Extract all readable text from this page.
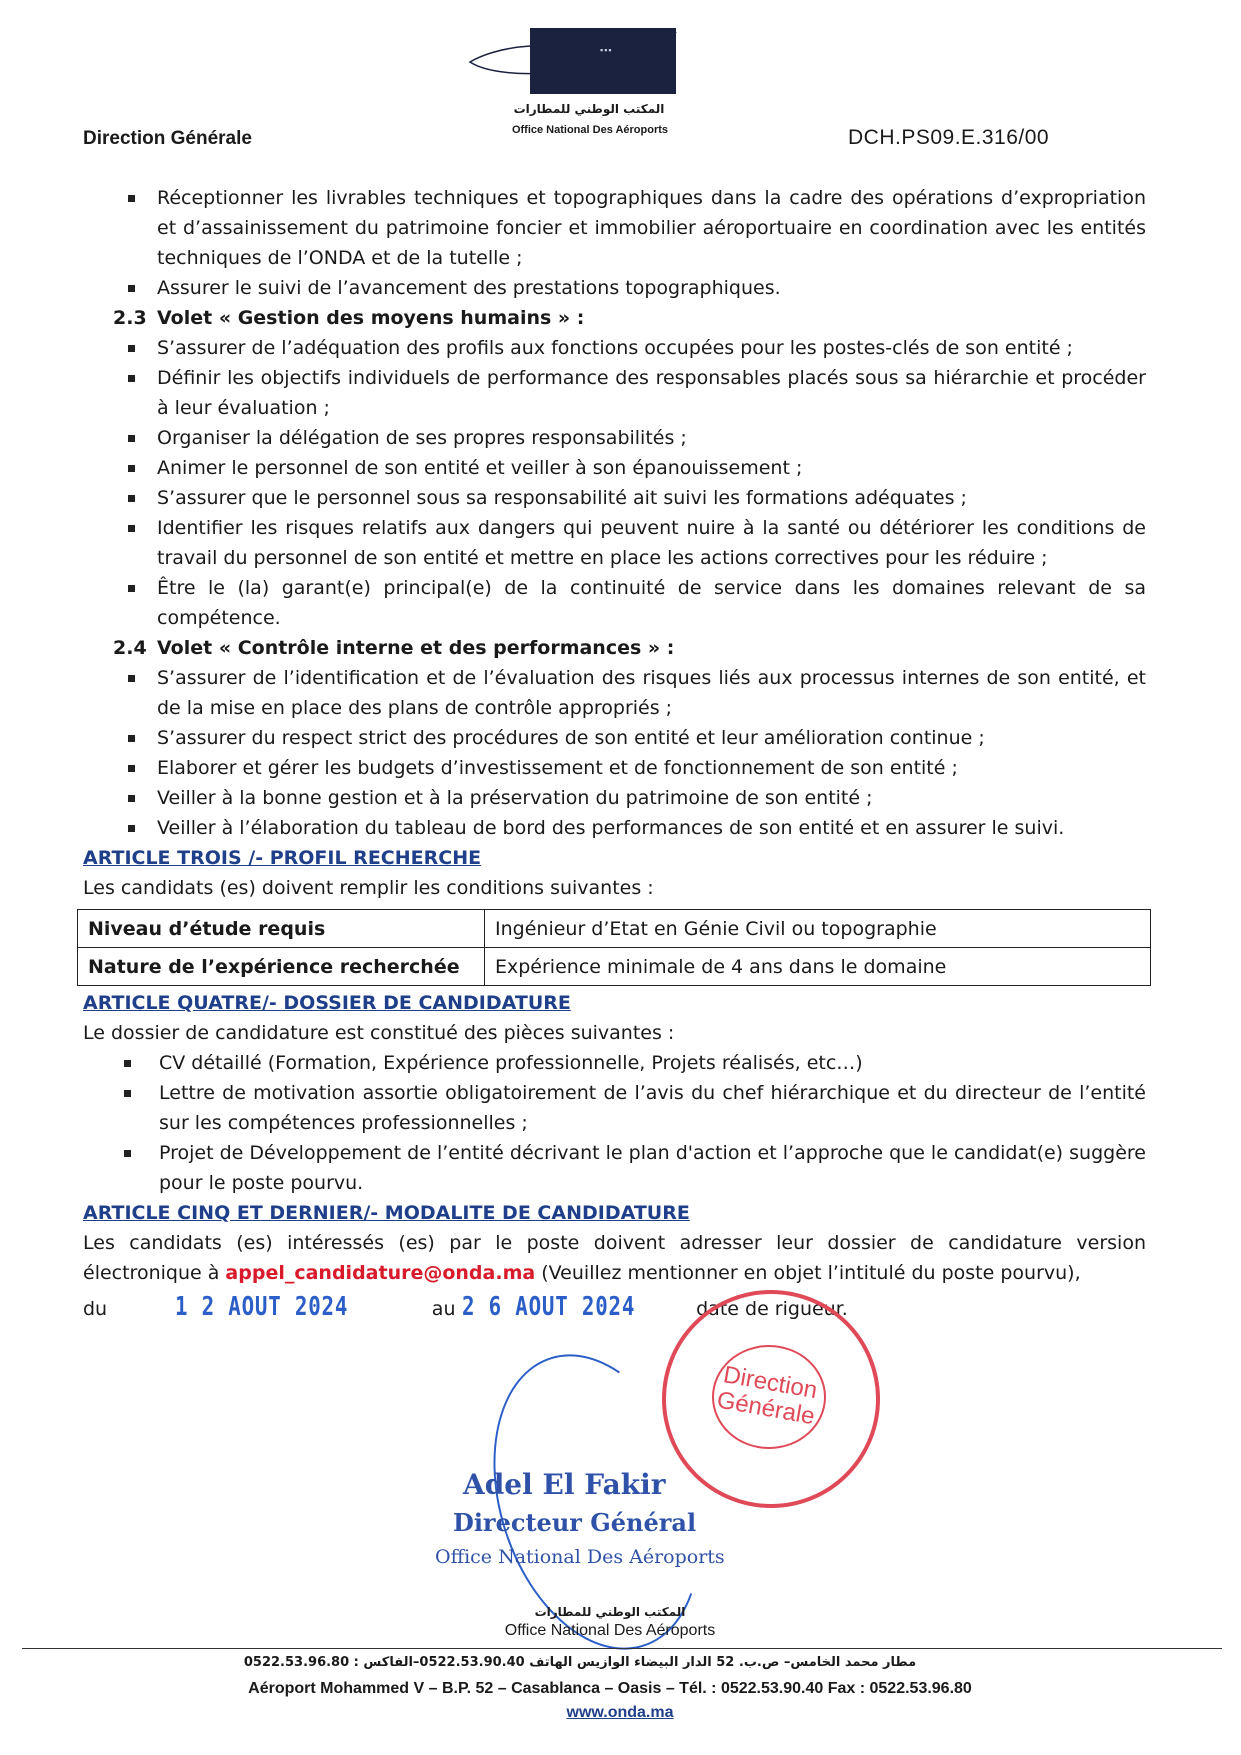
▪▪▪
المكتب الوطني للمطارات
Office National Des Aéroports
Direction Générale	DCH.PS09.E.316/00
Réceptionner les livrables techniques et topographiques dans la cadre des opérations d’expropriation et d’assainissement du patrimoine foncier et immobilier aéroportuaire en coordination avec les entités techniques de l’ONDA et de la tutelle ;
Assurer le suivi de l’avancement des prestations topographiques.
2.3 Volet « Gestion des moyens humains » :
S’assurer de l’adéquation des profils aux fonctions occupées pour les postes-clés de son entité ;
Définir les objectifs individuels de performance des responsables placés sous sa hiérarchie et procéder à leur évaluation ;
Organiser la délégation de ses propres responsabilités ;
Animer le personnel de son entité et veiller à son épanouissement ;
S’assurer que le personnel sous sa responsabilité ait suivi les formations adéquates ;
Identifier les risques relatifs aux dangers qui peuvent nuire à la santé ou détériorer les conditions de travail du personnel de son entité et mettre en place les actions correctives pour les réduire ;
Être le (la) garant(e) principal(e) de la continuité de service dans les domaines relevant de sa compétence.
2.4 Volet « Contrôle interne et des performances » :
S’assurer de l’identification et de l’évaluation des risques liés aux processus internes de son entité, et de la mise en place des plans de contrôle appropriés ;
S’assurer du respect strict des procédures de son entité et leur amélioration continue ;
Elaborer et gérer les budgets d’investissement et de fonctionnement de son entité ;
Veiller à la bonne gestion et à la préservation du patrimoine de son entité ;
Veiller à l’élaboration du tableau de bord des performances de son entité et en assurer le suivi.
ARTICLE TROIS /- PROFIL RECHERCHE
Les candidats (es) doivent remplir les conditions suivantes :
Niveau d’étude requis	Ingénieur d’Etat en Génie Civil ou topographie
Nature de l’expérience recherchée	Expérience minimale de 4 ans dans le domaine
ARTICLE QUATRE/- DOSSIER DE CANDIDATURE
Le dossier de candidature est constitué des pièces suivantes :
CV détaillé (Formation, Expérience professionnelle, Projets réalisés, etc…)
Lettre de motivation assortie obligatoirement de l’avis du chef hiérarchique et du directeur de l’entité sur les compétences professionnelles ;
Projet de Développement de l’entité décrivant le plan d'action et l’approche que le candidat(e) suggère pour le poste pourvu.
ARTICLE CINQ ET DERNIER/- MODALITE DE CANDIDATURE
Les candidats (es) intéressés (es) par le poste doivent adresser leur dossier de candidature version électronique à appel_candidature@onda.ma (Veuillez mentionner en objet l’intitulé du poste pourvu),
du	1 2 AOUT 2024	au 2 6 AOUT 2024	date de rigueur.
Direction Générale
Adel El Fakir
Directeur Général
Office National Des Aéroports
المكتب الوطني للمطارات
Office National Des Aéroports
مطار محمد الخامس– ص.ب. 52 الدار البيضاء الوازيس الهاتف 0522.53.90.40–الفاكس : 0522.53.96.80
Aéroport Mohammed V – B.P. 52 – Casablanca – Oasis – Tél. : 0522.53.90.40 Fax : 0522.53.96.80
www.onda.ma
